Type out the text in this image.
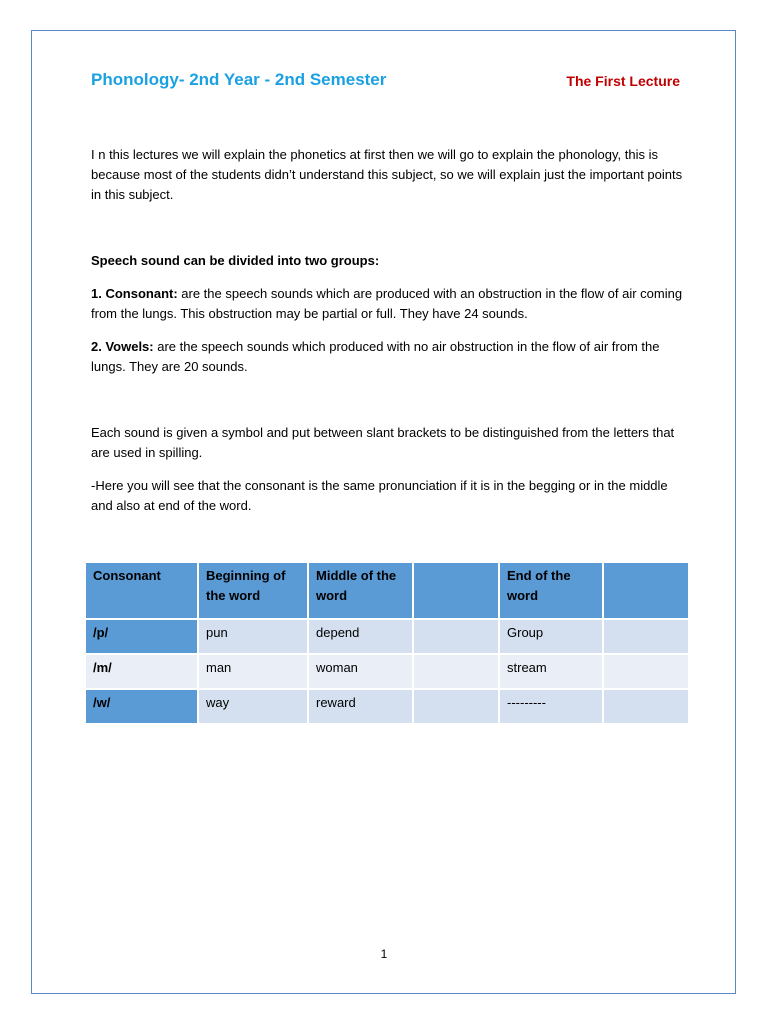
Phonology- 2nd Year - 2nd Semester	The First Lecture

I n this lectures we will explain the phonetics at first then we will go to explain the phonology, this is because most of the students didn’t understand this subject, so we will explain just the important points in this subject.

Speech sound can be divided into two groups:

1. Consonant: are the speech sounds which are produced with an obstruction in the flow of air coming from the lungs. This obstruction may be partial or full. They have 24 sounds.

2. Vowels: are the speech sounds which produced with no air obstruction in the flow of air from the lungs. They are 20 sounds.

Each sound is given a symbol and put between slant brackets to be distinguished from the letters that are used in spilling.

-Here you will see that the consonant is the same pronunciation if it is in the begging or in the middle and also at end of the word.

Consonant	Beginning of the word	Middle of the word		End of the word	
/p/	pun	depend		Group	
/m/	man	woman		stream	
/w/	way	reward		---------	
1
